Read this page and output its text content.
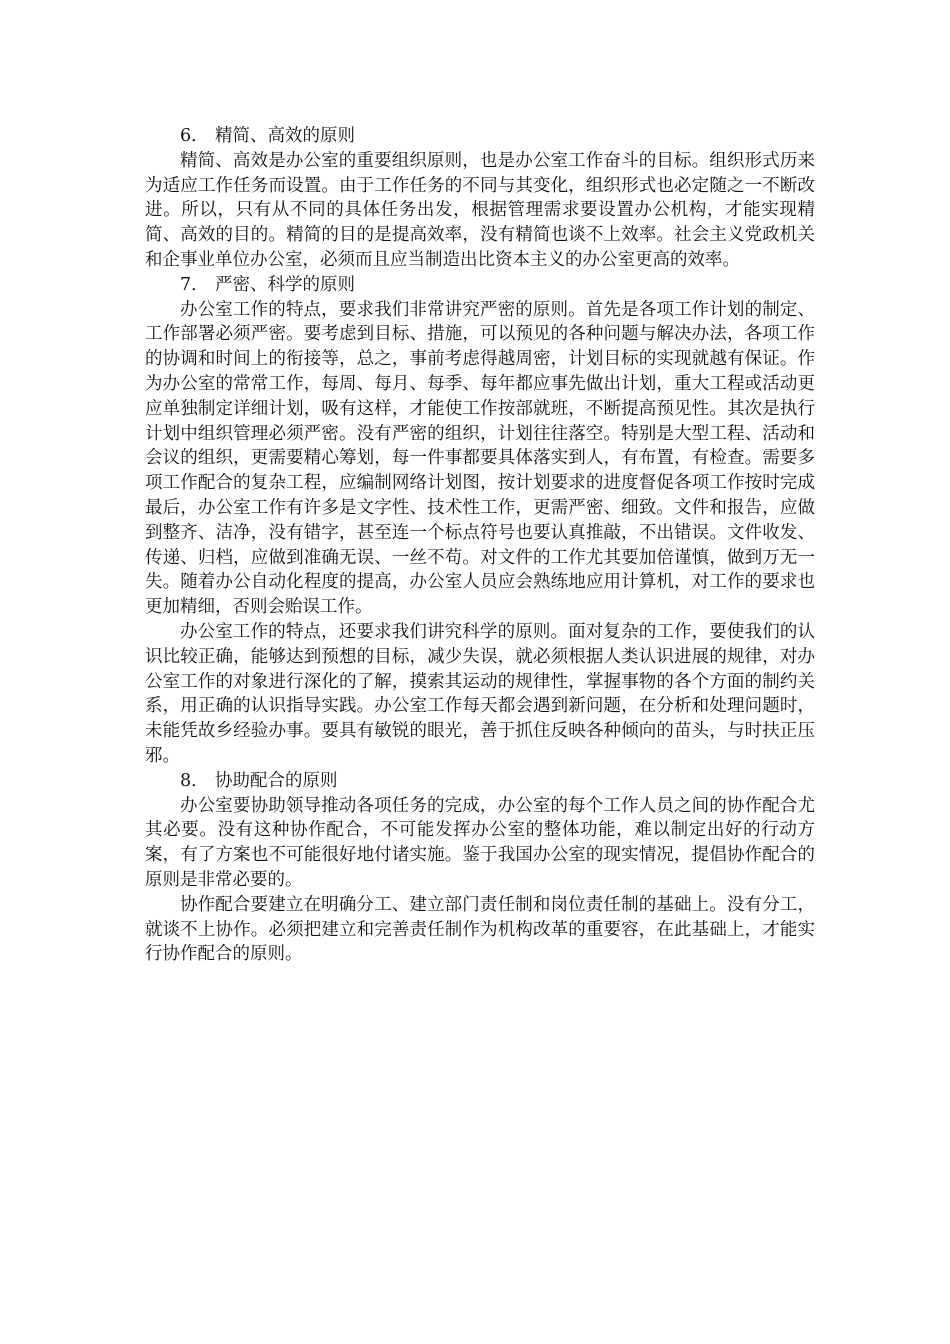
6． 精简、高效的原则

精简、高效是办公室的重要组织原则，也是办公室工作奋斗的目标。组织形式历来为适应工作任务而设置。由于工作任务的不同与其变化，组织形式也必定随之一不断改进。所以，只有从不同的具体任务出发，根据管理需求要设置办公机构，才能实现精简、高效的目的。精简的目的是提高效率，没有精简也谈不上效率。社会主义党政机关和企事业单位办公室，必须而且应当制造出比资本主义的办公室更高的效率。

7． 严密、科学的原则

办公室工作的特点，要求我们非常讲究严密的原则。首先是各项工作计划的制定、工作部署必须严密。要考虑到目标、措施，可以预见的各种问题与解决办法，各项工作的协调和时间上的衔接等，总之，事前考虑得越周密，计划目标的实现就越有保证。作为办公室的常常工作，每周、每月、每季、每年都应事先做出计划，重大工程或活动更应单独制定详细计划，吸有这样，才能使工作按部就班，不断提高预见性。其次是执行计划中组织管理必须严密。没有严密的组织，计划往往落空。特别是大型工程、活动和会议的组织，更需要精心筹划，每一件事都要具体落实到人，有布置，有检查。需要多项工作配合的复杂工程，应编制网络计划图，按计划要求的进度督促各项工作按时完成最后，办公室工作有许多是文字性、技术性工作，更需严密、细致。文件和报告，应做到整齐、洁净，没有错字，甚至连一个标点符号也要认真推敲，不出错误。文件收发、传递、归档，应做到准确无误、一丝不苟。对文件的工作尤其要加倍谨慎，做到万无一失。随着办公自动化程度的提高，办公室人员应会熟练地应用计算机，对工作的要求也更加精细，否则会贻误工作。

办公室工作的特点，还要求我们讲究科学的原则。面对复杂的工作，要使我们的认识比较正确，能够达到预想的目标，减少失误，就必须根据人类认识进展的规律，对办公室工作的对象进行深化的了解，摸索其运动的规律性，掌握事物的各个方面的制约关系，用正确的认识指导实践。办公室工作每天都会遇到新问题，在分析和处理问题时，未能凭故乡经验办事。要具有敏锐的眼光，善于抓住反映各种倾向的苗头，与时扶正压邪。

8． 协助配合的原则

办公室要协助领导推动各项任务的完成，办公室的每个工作人员之间的协作配合尤其必要。没有这种协作配合，不可能发挥办公室的整体功能，难以制定出好的行动方案，有了方案也不可能很好地付诸实施。鉴于我国办公室的现实情况，提倡协作配合的原则是非常必要的。

协作配合要建立在明确分工、建立部门责任制和岗位责任制的基础上。没有分工，就谈不上协作。必须把建立和完善责任制作为机构改革的重要容，在此基础上，才能实行协作配合的原则。
